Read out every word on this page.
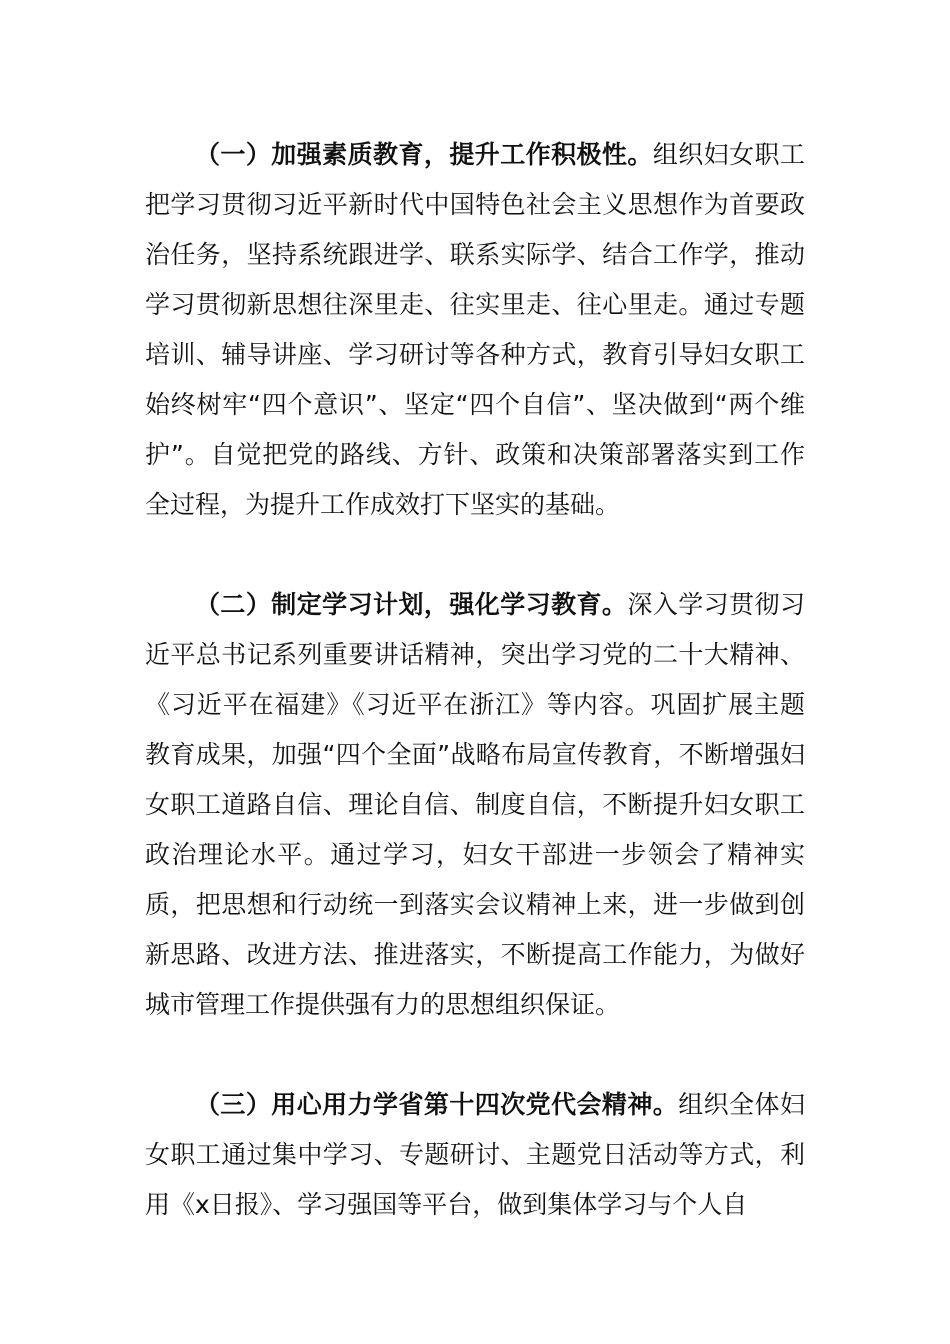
（一）加强素质教育，提升工作积极性。组织妇女职工把学习贯彻习近平新时代中国特色社会主义思想作为首要政治任务，坚持系统跟进学、联系实际学、结合工作学，推动学习贯彻新思想往深里走、往实里走、往心里走。通过专题培训、辅导讲座、学习研讨等各种方式，教育引导妇女职工始终树牢“四个意识”、坚定“四个自信”、坚决做到“两个维护”。自觉把党的路线、方针、政策和决策部署落实到工作全过程，为提升工作成效打下坚实的基础。

（二）制定学习计划，强化学习教育。深入学习贯彻习近平总书记系列重要讲话精神，突出学习党的二十大精神、《习近平在福建》《习近平在浙江》等内容。巩固扩展主题教育成果，加强“四个全面”战略布局宣传教育，不断增强妇女职工道路自信、理论自信、制度自信，不断提升妇女职工政治理论水平。通过学习，妇女干部进一步领会了精神实质，把思想和行动统一到落实会议精神上来，进一步做到创新思路、改进方法、推进落实，不断提高工作能力，为做好城市管理工作提供强有力的思想组织保证。

（三）用心用力学省第十四次党代会精神。组织全体妇女职工通过集中学习、专题研讨、主题党日活动等方式，利用《x日报》、学习强国等平台，做到集体学习与个人自
